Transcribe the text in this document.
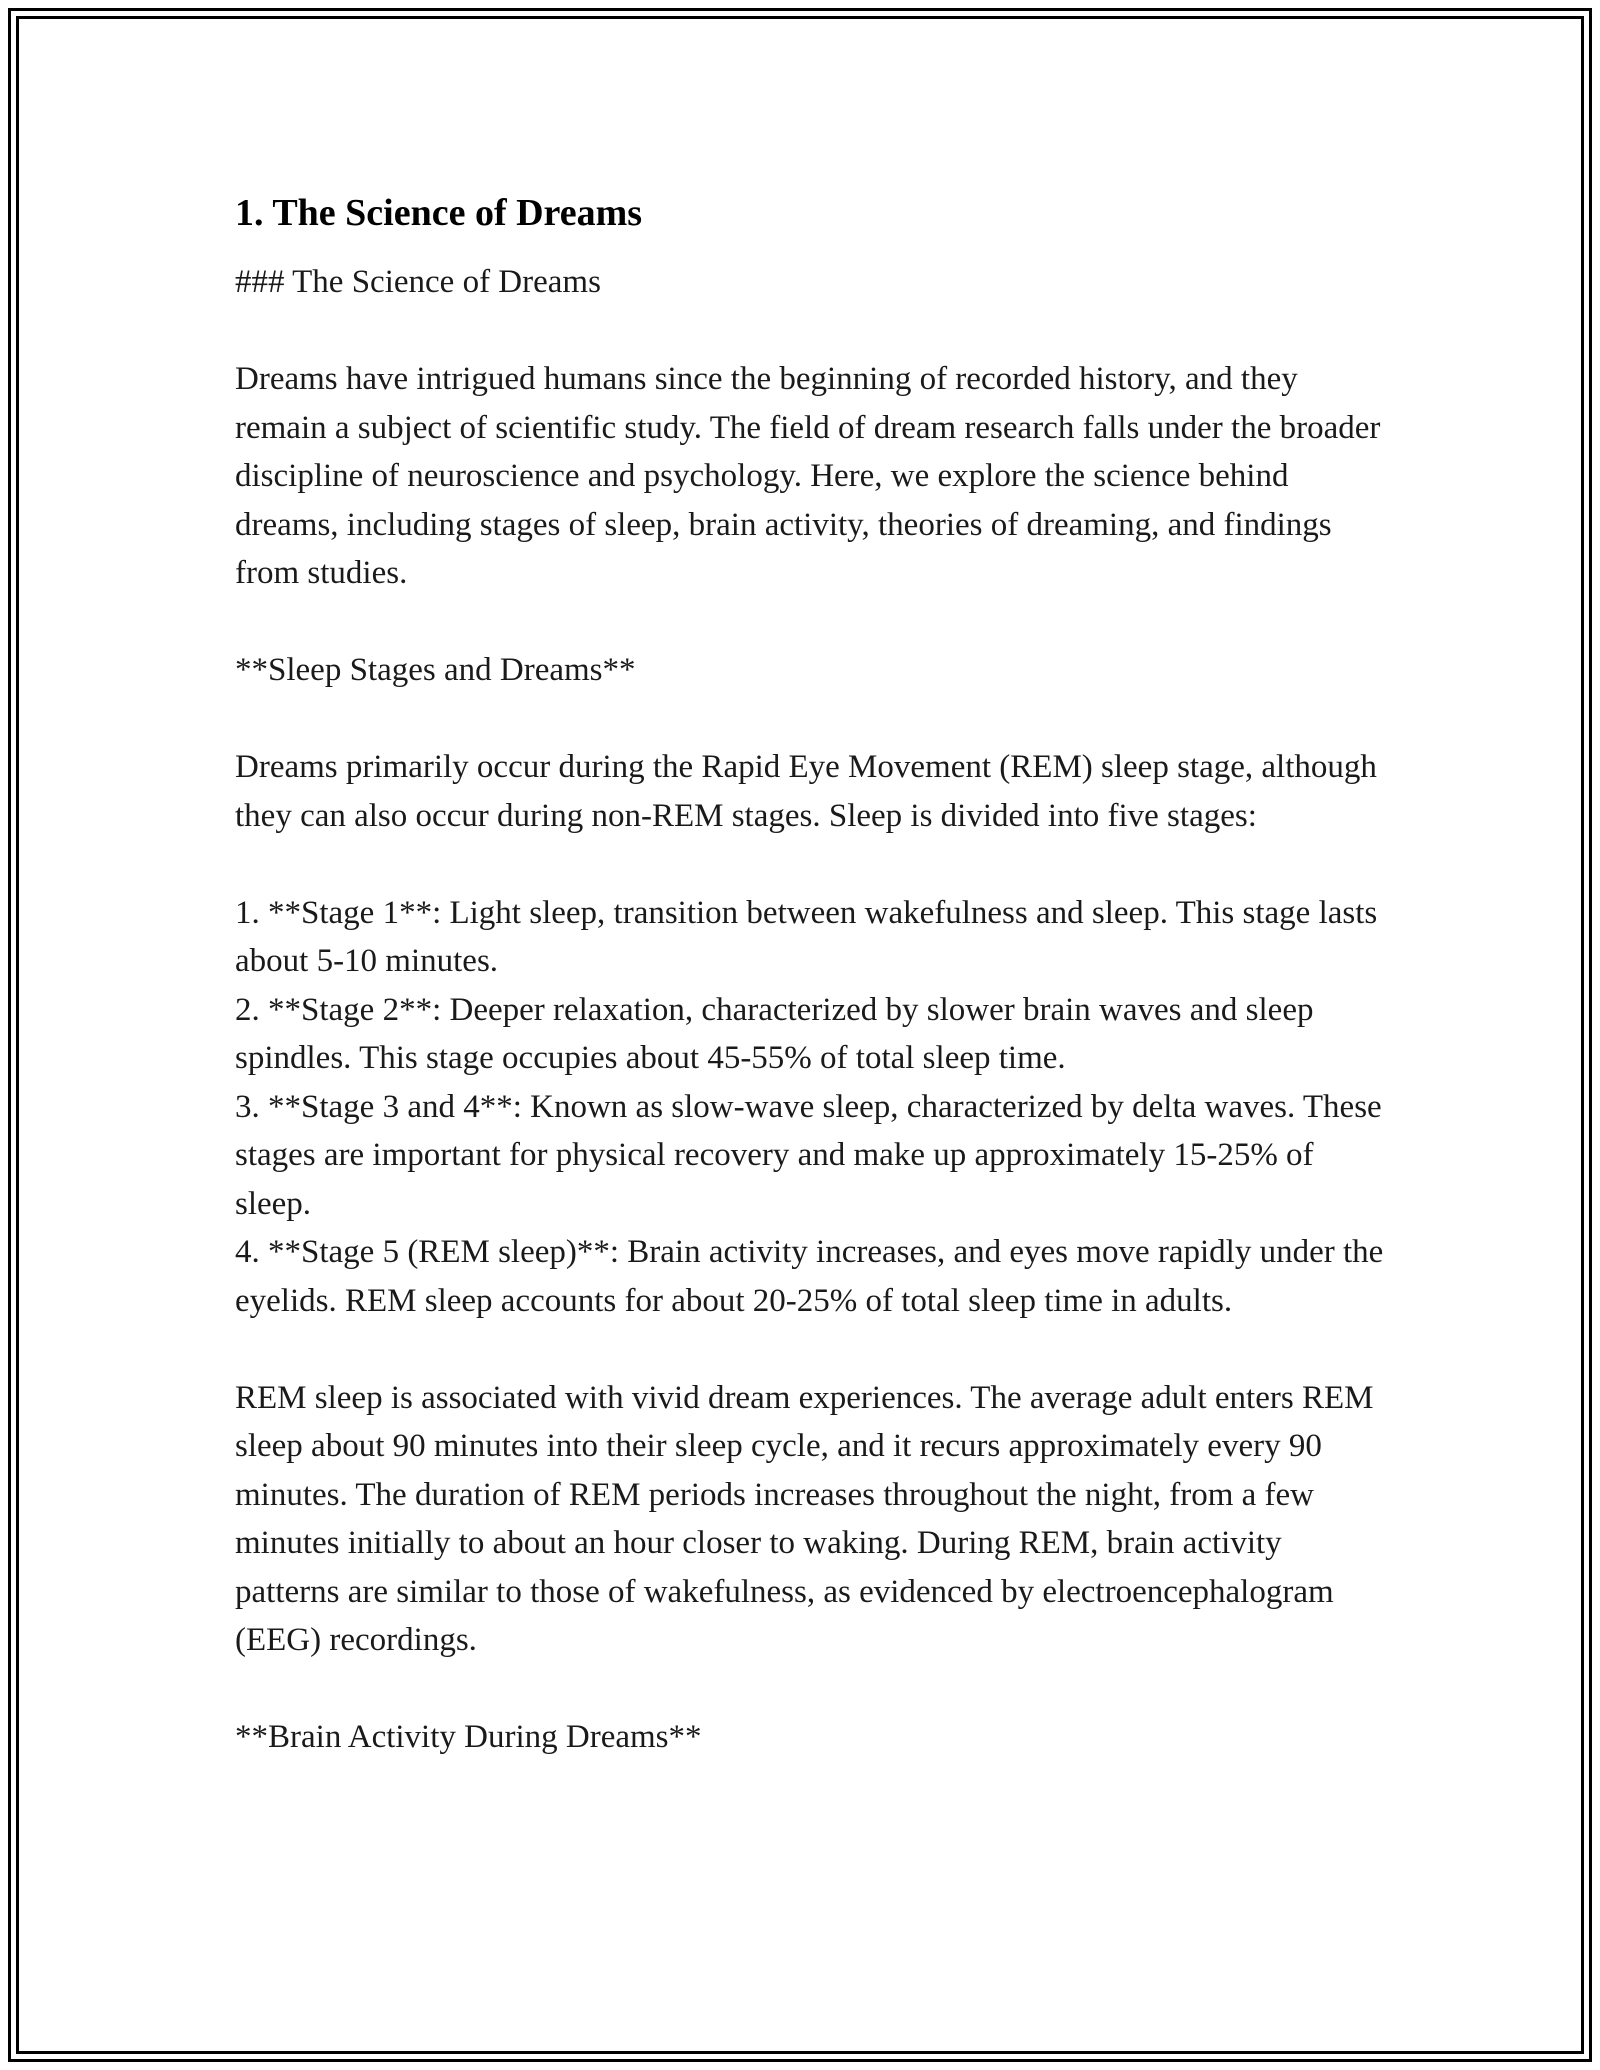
1. The Science of Dreams

### The Science of Dreams

Dreams have intrigued humans since the beginning of recorded history, and they remain a subject of scientific study. The field of dream research falls under the broader discipline of neuroscience and psychology. Here, we explore the science behind dreams, including stages of sleep, brain activity, theories of dreaming, and findings from studies.

**Sleep Stages and Dreams**

Dreams primarily occur during the Rapid Eye Movement (REM) sleep stage, although they can also occur during non-REM stages. Sleep is divided into five stages:

1. **Stage 1**: Light sleep, transition between wakefulness and sleep. This stage lasts about 5-10 minutes.

2. **Stage 2**: Deeper relaxation, characterized by slower brain waves and sleep spindles. This stage occupies about 45-55% of total sleep time.

3. **Stage 3 and 4**: Known as slow-wave sleep, characterized by delta waves. These stages are important for physical recovery and make up approximately 15-25% of sleep.

4. **Stage 5 (REM sleep)**: Brain activity increases, and eyes move rapidly under the eyelids. REM sleep accounts for about 20-25% of total sleep time in adults.

REM sleep is associated with vivid dream experiences. The average adult enters REM sleep about 90 minutes into their sleep cycle, and it recurs approximately every 90 minutes. The duration of REM periods increases throughout the night, from a few minutes initially to about an hour closer to waking. During REM, brain activity patterns are similar to those of wakefulness, as evidenced by electroencephalogram (EEG) recordings.

**Brain Activity During Dreams**
